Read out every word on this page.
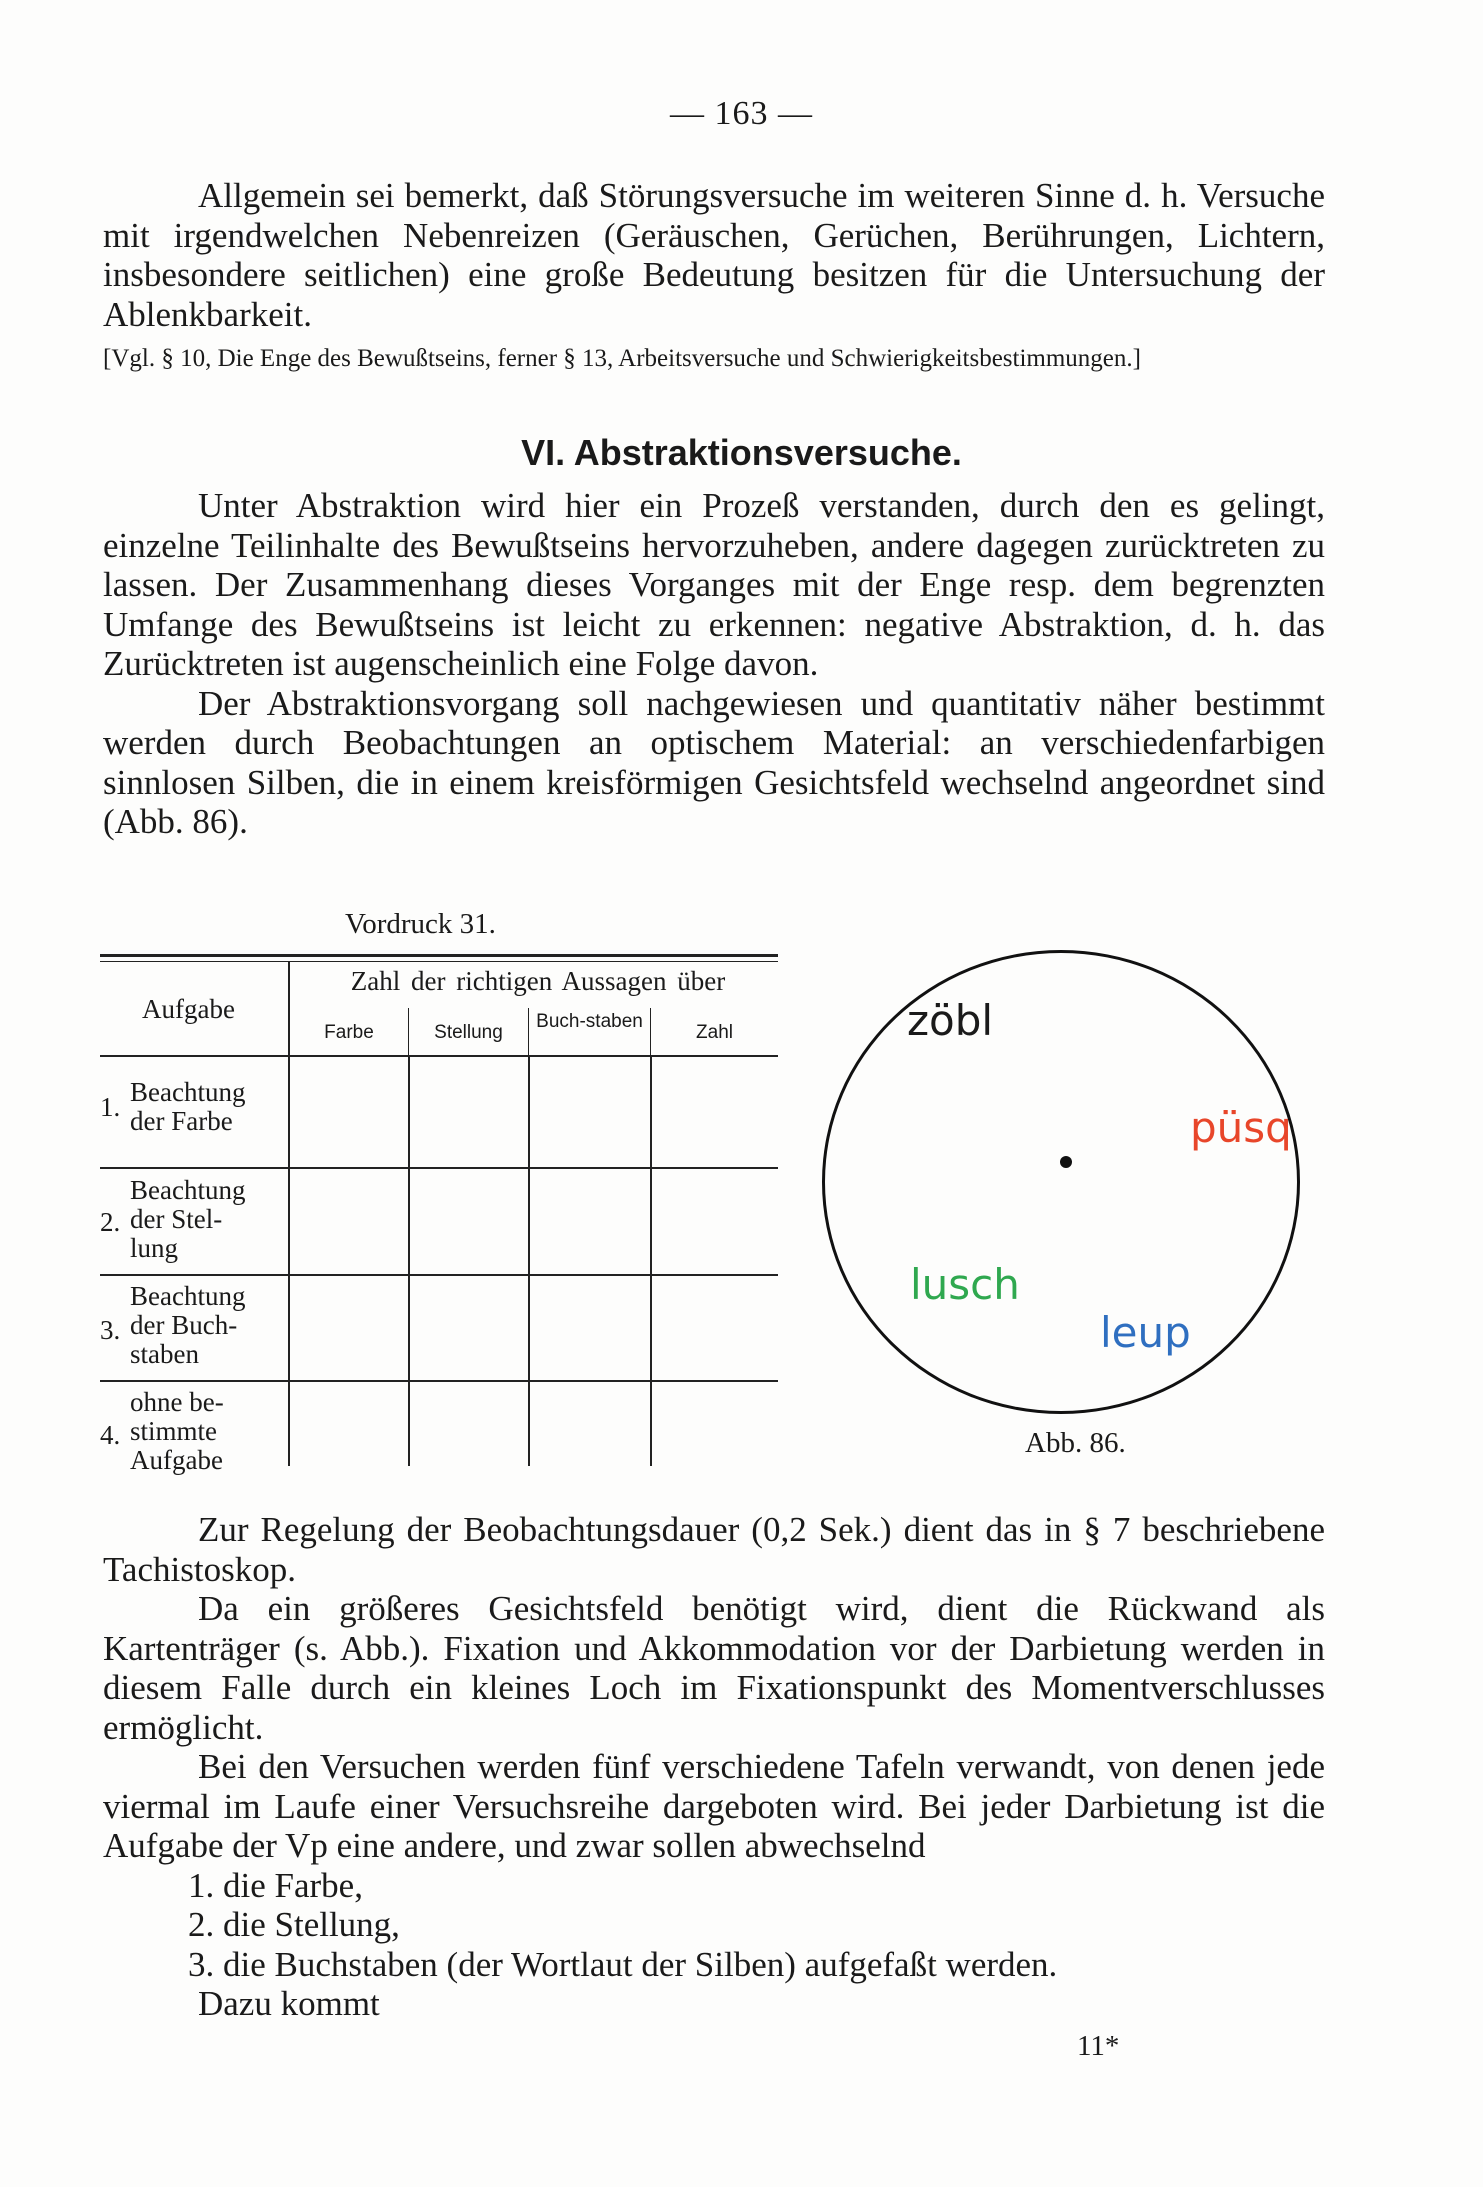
— 163 —

Allgemein sei bemerkt, daß Störungsversuche im weiteren Sinne d. h. Versuche mit irgendwelchen Nebenreizen (Geräuschen, Gerüchen, Berührungen, Lichtern, insbesondere seitlichen) eine große Bedeutung besitzen für die Untersuchung der Ablenkbarkeit.

[Vgl. § 10, Die Enge des Bewußtseins, ferner § 13, Arbeitsversuche und Schwierigkeitsbestimmungen.]
VI. Abstraktionsversuche.

Unter Abstraktion wird hier ein Prozeß verstanden, durch den es gelingt, einzelne Teilinhalte des Bewußtseins hervorzuheben, andere dagegen zurücktreten zu lassen. Der Zusammenhang dieses Vorganges mit der Enge resp. dem begrenzten Umfange des Bewußtseins ist leicht zu erkennen: negative Abstraktion, d. h. das Zurücktreten ist augenscheinlich eine Folge davon.

Der Abstraktionsvorgang soll nachgewiesen und quantitativ näher bestimmt werden durch Beobachtungen an optischem Material: an verschiedenfarbigen sinnlosen Silben, die in einem kreisförmigen Gesichtsfeld wechselnd angeordnet sind (Abb. 86).

Vordruck 31.
Aufgabe
Zahl der richtigen Aussagen über
Farbe	Stellung
Buch-staben
Zahl
1. Beachtung der Farbe
2.
Beachtung der Stel-lung
3.
Beachtung der Buch-staben
4.
ohne be-stimmte Aufgabe
zöbl
püsq
lusch
leup
Abb. 86.

Zur Regelung der Beobachtungsdauer (0,2 Sek.) dient das in § 7 beschriebene Tachistoskop.

Da ein größeres Gesichtsfeld benötigt wird, dient die Rückwand als Kartenträger (s. Abb.). Fixation und Akkommodation vor der Darbietung werden in diesem Falle durch ein kleines Loch im Fixationspunkt des Momentverschlusses ermöglicht.

Bei den Versuchen werden fünf verschiedene Tafeln verwandt, von denen jede viermal im Laufe einer Versuchsreihe dargeboten wird. Bei jeder Darbietung ist die Aufgabe der Vp eine andere, und zwar sollen abwechselnd

1. die Farbe,

2. die Stellung,

3. die Buchstaben (der Wortlaut der Silben) aufgefaßt werden.

Dazu kommt

11*
